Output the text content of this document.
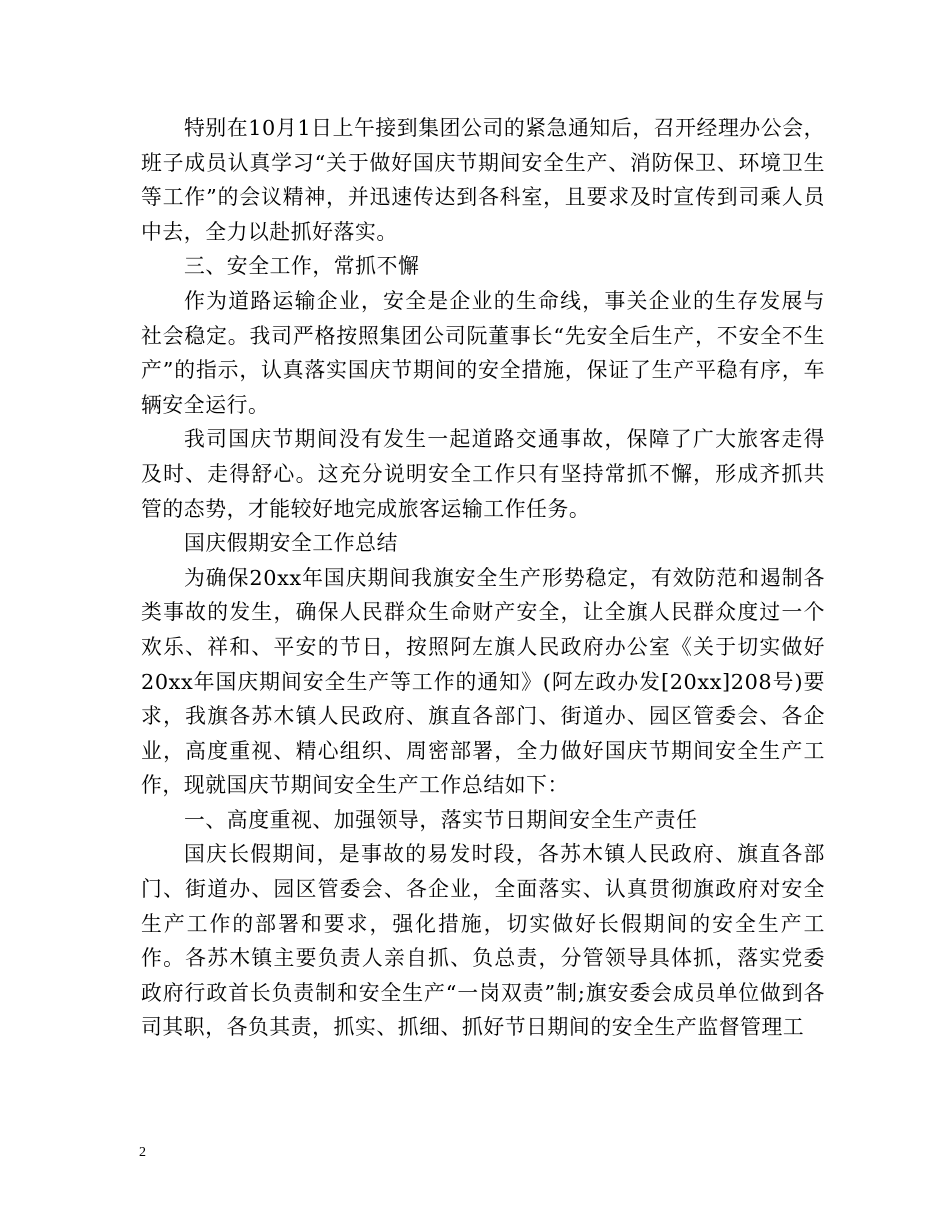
特别在10月1日上午接到集团公司的紧急通知后，召开经理办公会，班子成员认真学习“关于做好国庆节期间安全生产、消防保卫、环境卫生等工作”的会议精神，并迅速传达到各科室，且要求及时宣传到司乘人员中去，全力以赴抓好落实。

三、安全工作，常抓不懈

作为道路运输企业，安全是企业的生命线，事关企业的生存发展与社会稳定。我司严格按照集团公司阮董事长“先安全后生产，不安全不生产”的指示，认真落实国庆节期间的安全措施，保证了生产平稳有序，车辆安全运行。

我司国庆节期间没有发生一起道路交通事故，保障了广大旅客走得及时、走得舒心。这充分说明安全工作只有坚持常抓不懈，形成齐抓共管的态势，才能较好地完成旅客运输工作任务。

国庆假期安全工作总结

为确保20xx年国庆期间我旗安全生产形势稳定，有效防范和遏制各类事故的发生，确保人民群众生命财产安全，让全旗人民群众度过一个欢乐、祥和、平安的节日，按照阿左旗人民政府办公室《关于切实做好20xx年国庆期间安全生产等工作的通知》(阿左政办发[20xx]208号)要求，我旗各苏木镇人民政府、旗直各部门、街道办、园区管委会、各企业，高度重视、精心组织、周密部署，全力做好国庆节期间安全生产工作，现就国庆节期间安全生产工作总结如下：

一、高度重视、加强领导，落实节日期间安全生产责任

国庆长假期间，是事故的易发时段，各苏木镇人民政府、旗直各部门、街道办、园区管委会、各企业，全面落实、认真贯彻旗政府对安全生产工作的部署和要求，强化措施，切实做好长假期间的安全生产工作。各苏木镇主要负责人亲自抓、负总责，分管领导具体抓，落实党委政府行政首长负责制和安全生产“一岗双责”制;旗安委会成员单位做到各司其职，各负其责，抓实、抓细、抓好节日期间的安全生产监督管理工

2
